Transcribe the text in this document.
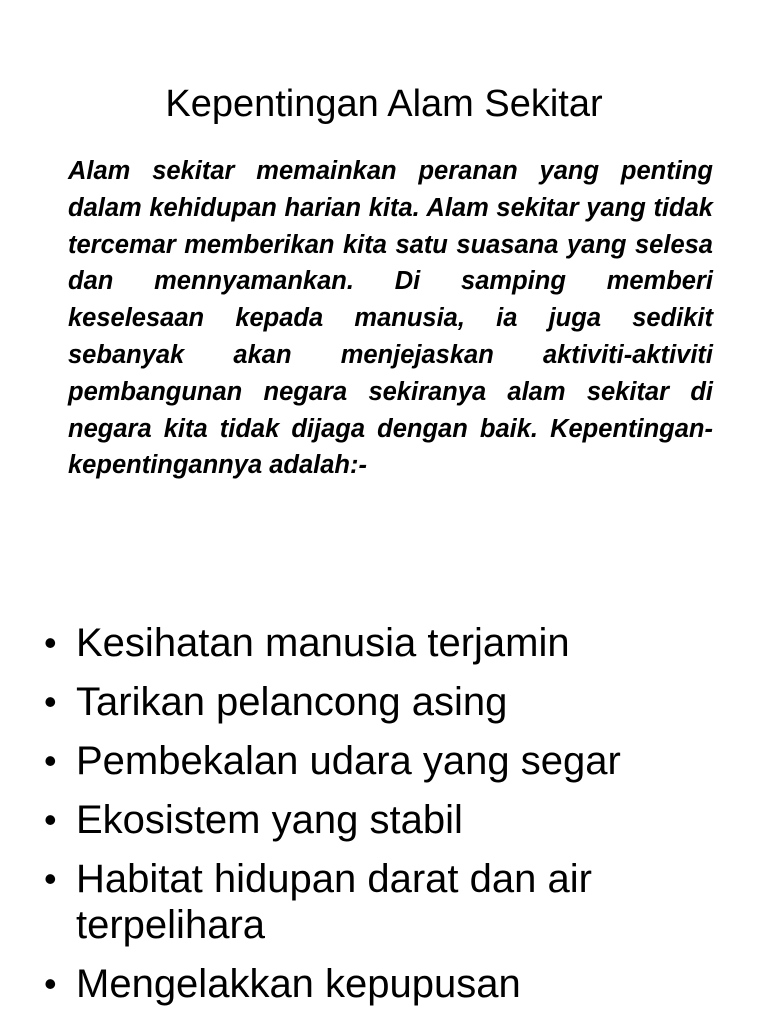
Kepentingan Alam Sekitar

Alam sekitar memainkan peranan yang penting dalam kehidupan harian kita. Alam sekitar yang tidak tercemar memberikan kita satu suasana yang selesa dan mennyamankan. Di samping memberi keselesaan kepada manusia, ia juga sedikit sebanyak akan menjejaskan aktiviti-aktiviti pembangunan negara sekiranya alam sekitar di negara kita tidak dijaga dengan baik. Kepentingan-kepentingannya adalah:-

• Kesihatan manusia terjamin
• Tarikan pelancong asing
• Pembekalan udara yang segar
• Ekosistem yang stabil
• Habitat hidupan darat dan air terpelihara
• Mengelakkan kepupusan
